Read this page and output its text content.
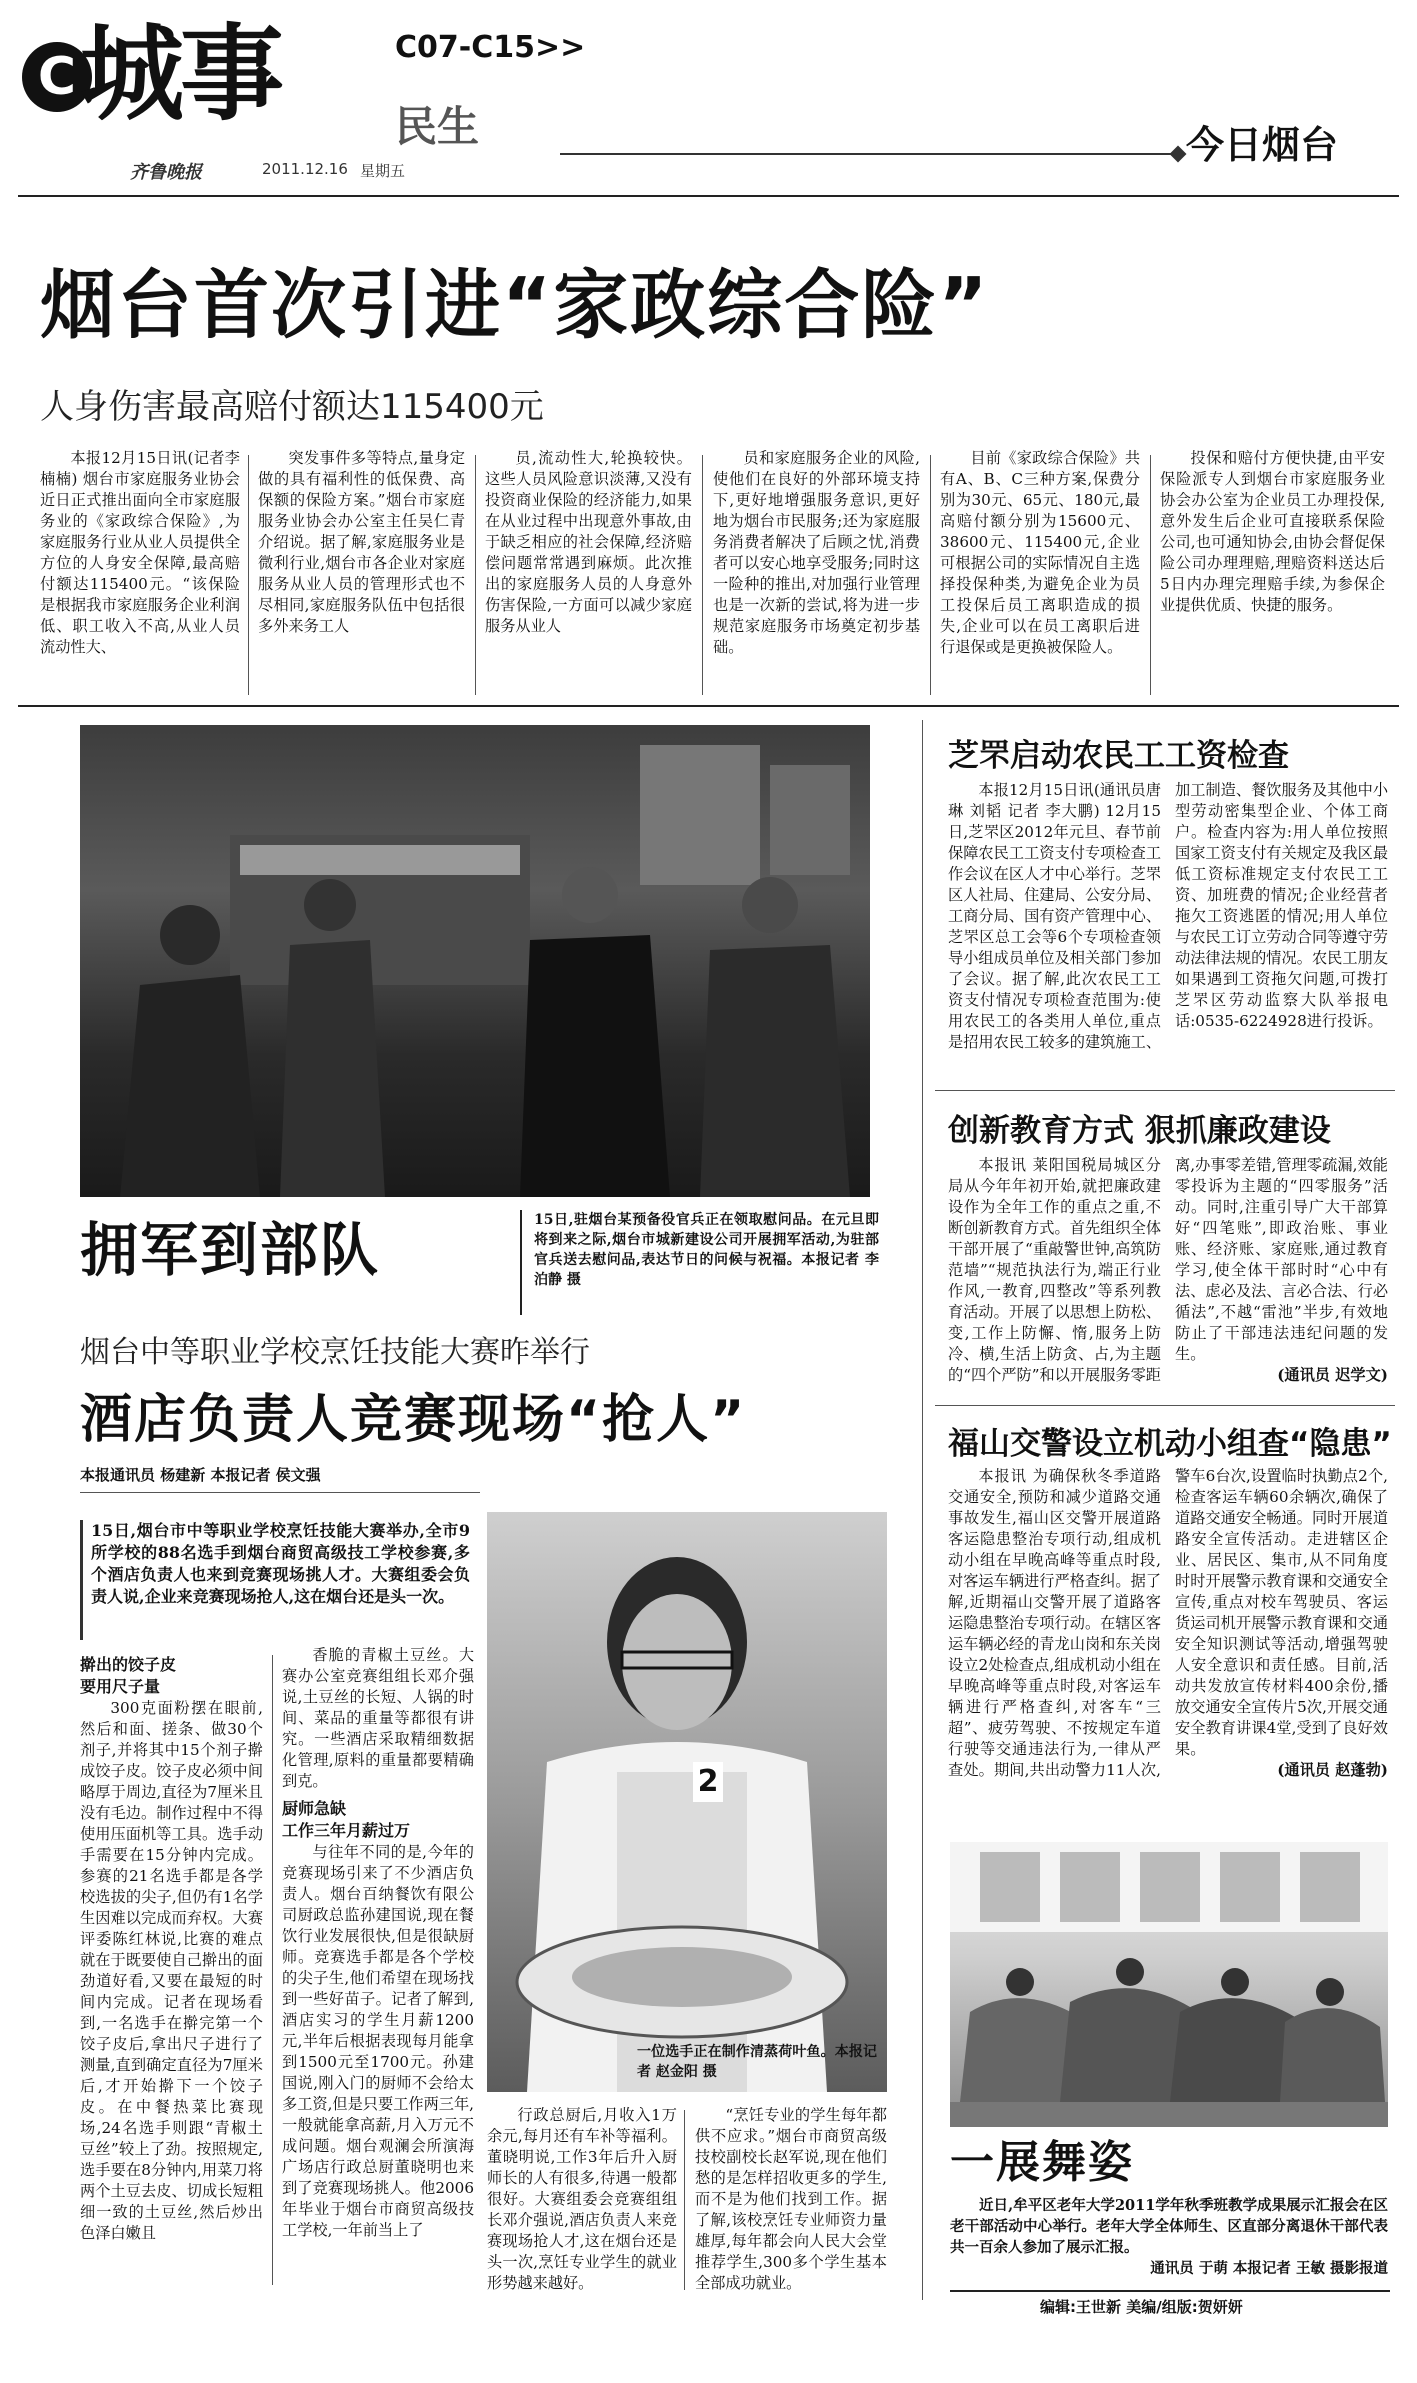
C 城事	C07-C15>>
民生
齐鲁晚报	2011.12.16 星期五
今日烟台
烟台首次引进“家政综合险”
人身伤害最高赔付额达115400元

本报12月15日讯(记者李楠楠) 烟台市家庭服务业协会近日正式推出面向全市家庭服务业的《家政综合保险》,为家庭服务行业从业人员提供全方位的人身安全保障,最高赔付额达115400元。“该保险是根据我市家庭服务企业利润低、职工收入不高,从业人员流动性大、

突发事件多等特点,量身定做的具有福利性的低保费、高保额的保险方案。”烟台市家庭服务业协会办公室主任吴仁青介绍说。据了解,家庭服务业是微利行业,烟台市各企业对家庭服务从业人员的管理形式也不尽相同,家庭服务队伍中包括很多外来务工人

员,流动性大,轮换较快。这些人员风险意识淡薄,又没有投资商业保险的经济能力,如果在从业过程中出现意外事故,由于缺乏相应的社会保障,经济赔偿问题常常遇到麻烦。此次推出的家庭服务人员的人身意外伤害保险,一方面可以减少家庭服务从业人

员和家庭服务企业的风险,使他们在良好的外部环境支持下,更好地增强服务意识,更好地为烟台市民服务;还为家庭服务消费者解决了后顾之忧,消费者可以安心地享受服务;同时这一险种的推出,对加强行业管理也是一次新的尝试,将为进一步规范家庭服务市场奠定初步基础。

目前《家政综合保险》共有A、B、C三种方案,保费分别为30元、65元、180元,最高赔付额分别为15600元、38600元、115400元,企业可根据公司的实际情况自主选择投保种类,为避免企业为员工投保后员工离职造成的损失,企业可以在员工离职后进行退保或是更换被保险人。

投保和赔付方便快捷,由平安保险派专人到烟台市家庭服务业协会办公室为企业员工办理投保,意外发生后企业可直接联系保险公司,也可通知协会,由协会督促保险公司办理理赔,理赔资料送达后5日内办理完理赔手续,为参保企业提供优质、快捷的服务。

拥军到部队	15日,驻烟台某预备役官兵正在领取慰问品。在元旦即将到来之际,烟台市城新建设公司开展拥军活动,为驻部官兵送去慰问品,表达节日的问候与祝福。本报记者 李泊静 摄
烟台中等职业学校烹饪技能大赛昨举行
酒店负责人竞赛现场“抢人”
本报通讯员 杨建新 本报记者 侯文强
15日,烟台市中等职业学校烹饪技能大赛举办,全市9所学校的88名选手到烟台商贸高级技工学校参赛,多个酒店负责人也来到竞赛现场挑人才。大赛组委会负责人说,企业来竞赛现场抢人,这在烟台还是头一次。
2
一位选手正在制作清蒸荷叶鱼。本报记者 赵金阳 摄
擀出的饺子皮
要用尺子量

300克面粉摆在眼前,然后和面、搓条、做30个剂子,并将其中15个剂子擀成饺子皮。饺子皮必须中间略厚于周边,直径为7厘米且没有毛边。制作过程中不得使用压面机等工具。选手动手需要在15分钟内完成。参赛的21名选手都是各学校选拔的尖子,但仍有1名学生因难以完成而弃权。大赛评委陈红林说,比赛的难点就在于既要使自己擀出的面劲道好看,又要在最短的时间内完成。记者在现场看到,一名选手在擀完第一个饺子皮后,拿出尺子进行了测量,直到确定直径为7厘米后,才开始擀下一个饺子皮。在中餐热菜比赛现场,24名选手则跟“青椒土豆丝”较上了劲。按照规定,选手要在8分钟内,用菜刀将两个土豆去皮、切成长短粗细一致的土豆丝,然后炒出色泽白嫩且

香脆的青椒土豆丝。大赛办公室竞赛组组长邓介强说,土豆丝的长短、人锅的时间、菜品的重量等都很有讲究。一些酒店采取精细数据化管理,原料的重量都要精确到克。

厨师急缺
工作三年月薪过万

与往年不同的是,今年的竞赛现场引来了不少酒店负责人。烟台百纳餐饮有限公司厨政总监孙建国说,现在餐饮行业发展很快,但是很缺厨师。竞赛选手都是各个学校的尖子生,他们希望在现场找到一些好苗子。记者了解到,酒店实习的学生月薪1200元,半年后根据表现每月能拿到1500元至1700元。孙建国说,刚入门的厨师不会给太多工资,但是只要工作两三年,一般就能拿高薪,月入万元不成问题。烟台观澜会所演海广场店行政总厨董晓明也来到了竞赛现场挑人。他2006年毕业于烟台市商贸高级技工学校,一年前当上了

行政总厨后,月收入1万余元,每月还有车补等福利。董晓明说,工作3年后升入厨师长的人有很多,待遇一般都很好。大赛组委会竞赛组组长邓介强说,酒店负责人来竞赛现场抢人才,这在烟台还是头一次,烹饪专业学生的就业形势越来越好。

“烹饪专业的学生每年都供不应求。”烟台市商贸高级技校副校长赵军说,现在他们愁的是怎样招收更多的学生,而不是为他们找到工作。据了解,该校烹饪专业师资力量雄厚,每年都会向人民大会堂推荐学生,300多个学生基本全部成功就业。

芝罘启动农民工工资检查

本报12月15日讯(通讯员唐琳 刘韬 记者 李大鹏) 12月15日,芝罘区2012年元旦、春节前保障农民工工资支付专项检查工作会议在区人才中心举行。芝罘区人社局、住建局、公安分局、工商分局、国有资产管理中心、芝罘区总工会等6个专项检查领导小组成员单位及相关部门参加了会议。据了解,此次农民工工资支付情况专项检查范围为:使用农民工的各类用人单位,重点是招用农民工较多的建筑施工、加工制造、餐饮服务及其他中小型劳动密集型企业、个体工商户。检查内容为:用人单位按照国家工资支付有关规定及我区最低工资标准规定支付农民工工资、加班费的情况;企业经营者拖欠工资逃匿的情况;用人单位与农民工订立劳动合同等遵守劳动法律法规的情况。农民工朋友如果遇到工资拖欠问题,可拨打芝罘区劳动监察大队举报电话:0535-6224928进行投诉。

创新教育方式 狠抓廉政建设

本报讯 莱阳国税局城区分局从今年年初开始,就把廉政建设作为全年工作的重点之重,不断创新教育方式。首先组织全体干部开展了“重敲警世钟,高筑防范墙”“规范执法行为,端正行业作风,一教育,四整改”等系列教育活动。开展了以思想上防松、变,工作上防懈、惰,服务上防冷、横,生活上防贪、占,为主题的“四个严防”和以开展服务零距离,办事零差错,管理零疏漏,效能零投诉为主题的“四零服务”活动。同时,注重引导广大干部算好“四笔账”,即政治账、事业账、经济账、家庭账,通过教育学习,使全体干部时时“心中有法、虑必及法、言必合法、行必循法”,不越“雷池”半步,有效地防止了干部违法违纪问题的发生。

(通讯员 迟学文)
福山交警设立机动小组查“隐患”

本报讯 为确保秋冬季道路交通安全,预防和减少道路交通事故发生,福山区交警开展道路客运隐患整治专项行动,组成机动小组在早晚高峰等重点时段,对客运车辆进行严格查纠。据了解,近期福山交警开展了道路客运隐患整治专项行动。在辖区客运车辆必经的青龙山岗和东关岗设立2处检查点,组成机动小组在早晚高峰等重点时段,对客运车辆进行严格查纠,对客车“三超”、疲劳驾驶、不按规定车道行驶等交通违法行为,一律从严查处。期间,共出动警力11人次,警车6台次,设置临时执勤点2个,检查客运车辆60余辆次,确保了道路交通安全畅通。同时开展道路安全宣传活动。走进辖区企业、居民区、集市,从不同角度时时开展警示教育课和交通安全宣传,重点对校车驾驶员、客运货运司机开展警示教育课和交通安全知识测试等活动,增强驾驶人安全意识和责任感。目前,活动共发放宣传材料400余份,播放交通安全宣传片5次,开展交通安全教育讲课4堂,受到了良好效果。

(通讯员 赵蓬勃)
一展舞姿

近日,牟平区老年大学2011学年秋季班教学成果展示汇报会在区老干部活动中心举行。老年大学全体师生、区直部分离退休干部代表共一百余人参加了展示汇报。

通讯员 于萌 本报记者 王敏 摄影报道
编辑:王世新 美编/组版:贺妍妍
